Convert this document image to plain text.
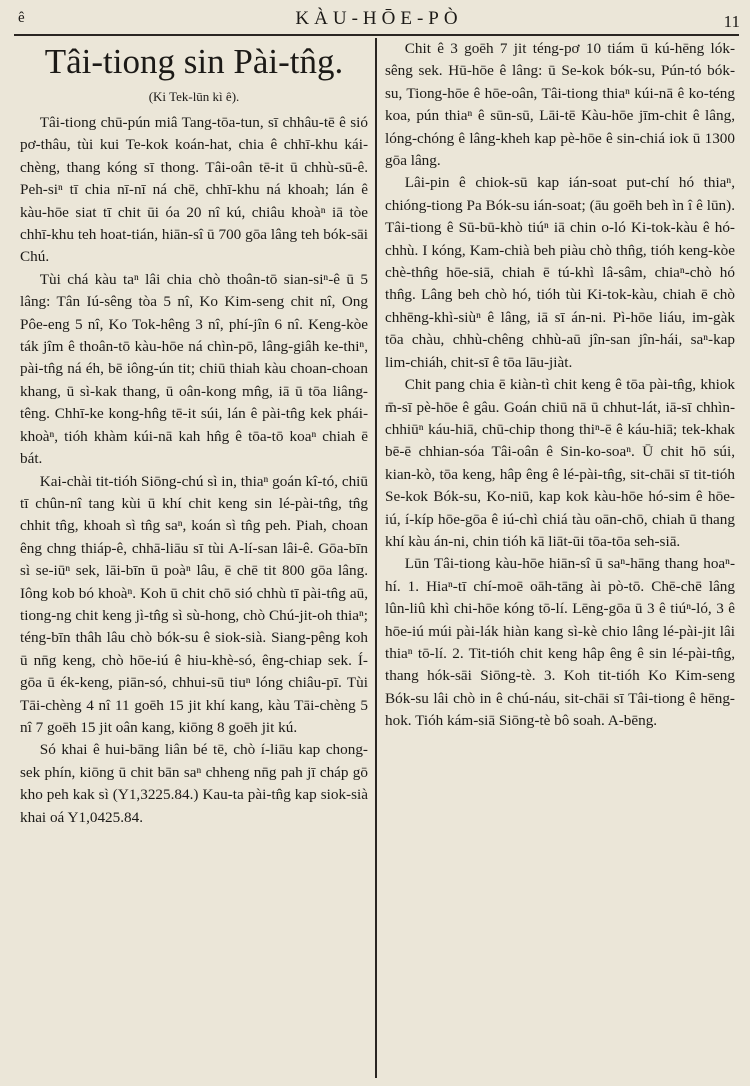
ê	KÀU-HŌE-PÒ	11
Tâi-tiong sin Pài-tn̂g.
(Ki Tek-lūn kì ê).

Tâi-tiong chū-pún miâ Tang-tōa-tun, sī chhâu-tē ê sió pơ-thâu, tùi kui Te-kok koán-hat, chia ê chhī-khu kái-chèng, thang kóng sī thong. Tâi-oân tē-it ū chhù-sū-ê. Peh-siⁿ tī chia nī-nī ná chē, chhī-khu ná khoah; lán ê kàu-hōe siat tī chit ūi óa 20 nî kú, chiâu khoàⁿ iā tòe chhī-khu teh hoat-tián, hiān-sî ū 700 gōa lâng teh bók-sāi Chú.

Tùi chá kàu taⁿ lâi chia chò thoân-tō sian-siⁿ-ê ū 5 lâng: Tân Iú-sêng tòa 5 nî, Ko Kim-seng chit nî, Ong Pôe-eng 5 nî, Ko Tok-hêng 3 nî, phí-jîn 6 nî. Keng-kòe ták jîm ê thoân-tō kàu-hōe ná chìn-pō, lâng-giâh ke-thiⁿ, pài-tn̂g ná éh, bē iông-ún tit; chiū thiah kàu choan-choan khang, ū sì-kak thang, ū oân-kong mn̂g, iā ū tōa liâng-têng. Chhī-ke kong-hn̂g tē-it súi, lán ê pài-tn̂g kek phái-khoàⁿ, tióh khàm kúi-nā kah hn̂g ê tōa-tō koaⁿ chiah ē bát.

Kai-chài tit-tióh Siōng-chú sì in, thiaⁿ goán kî-tó, chiū tī chûn-nî tang kùi ū khí chit keng sin lé-pài-tn̂g, tn̂g chhit tn̂g, khoah sì tn̂g saⁿ, koán sì tn̂g peh. Piah, choan êng chng thiáp-ê, chhā-liāu sī tùi A-lí-san lâi-ê. Gōa-bīn sì se-iūⁿ sek, lāi-bīn ū poàⁿ lâu, ē chē tit 800 gōa lâng. Iông kob bó khoàⁿ. Koh ū chit chō sió chhù tī pài-tn̂g aū, tiong-ng chit keng jì-tn̂g sì sù-hong, chò Chú-jit-oh thiaⁿ; téng-bīn thâh lâu chò bók-su ê siok-sià. Siang-pêng koh ū nn̄g keng, chò hōe-iú ê hiu-khè-só, êng-chiap sek. Í-gōa ū ék-keng, piān-só, chhui-sū tiuⁿ lóng chiâu-pī. Tùi Tāi-chèng 4 nî 11 goēh 15 jit khí kang, kàu Tāi-chèng 5 nî 7 goēh 15 jit oân kang, kiōng 8 goēh jit kú.

Só khai ê hui-bāng liân bé tē, chò í-liāu kap chong-sek phín, kiōng ū chit bān saⁿ chheng nn̄g pah jī cháp gō kho peh kak sì (Y1,3225.84.) Kau-ta pài-tn̂g kap siok-sià khai oá Y1,0425.84.

Chit ê 3 goēh 7 jit téng-pơ 10 tiám ū kú-hēng lók-sêng sek. Hū-hōe ê lâng: ū Se-kok bók-su, Pún-tó bók-su, Tiong-hōe ê hōe-oân, Tâi-tiong thiaⁿ kúi-nā ê ko-téng koa, pún thiaⁿ ê sūn-sū, Lāi-tē Kàu-hōe jīm-chit ê lâng, lóng-chóng ê lâng-kheh kap pè-hōe ê sin-chiá iok ū 1300 gōa lâng.

Lâi-pin ê chiok-sū kap ián-soat put-chí hó thiaⁿ, chióng-tiong Pa Bók-su ián-soat; (āu goēh beh ìn î ê lūn). Tâi-tiong ê Sū-bū-khò tiúⁿ iā chin o-ló Ki-tok-kàu ê hó-chhù. I kóng, Kam-chià beh piàu chò thn̂g, tióh keng-kòe chè-thn̂g hōe-siā, chiah ē tú-khì lâ-sâm, chiaⁿ-chò hó thn̂g. Lâng beh chò hó, tióh tùi Ki-tok-kàu, chiah ē chò chhēng-khì-siùⁿ ê lâng, iā sī án-ni. Pì-hōe liáu, im-gàk tōa chàu, chhù-chêng chhù-aū jîn-san jîn-hái, saⁿ-kap lim-chiáh, chit-sī ê tōa lāu-jiàt.

Chit pang chia ē kiàn-tì chit keng ê tōa pài-tn̂g, khiok m̄-sī pè-hōe ê gâu. Goán chiū nā ū chhut-lát, iā-sī chhìn-chhiūⁿ káu-hiā, chū-chip thong thiⁿ-ē ê káu-hiā; tek-khak bē-ē chhian-sóa Tâi-oân ê Sin-ko-soaⁿ. Ū chit hō súi, kian-kò, tōa keng, hâp êng ê lé-pài-tn̂g, sit-chāi sī tit-tióh Se-kok Bók-su, Ko-niū, kap kok kàu-hōe hó-sim ê hōe-iú, í-kíp hōe-gōa ê iú-chì chiá tàu oān-chō, chiah ū thang khí kàu án-ni, chin tióh kā liāt-ūi tōa-tōa seh-siā.

Lūn Tâi-tiong kàu-hōe hiān-sî ū saⁿ-hāng thang hoaⁿ-hí. 1. Hiaⁿ-tī chí-moē oāh-tāng ài pò-tō. Chē-chē lâng lûn-liû khì chi-hōe kóng tō-lí. Lēng-gōa ū 3 ê tiúⁿ-ló, 3 ê hōe-iú múi pài-lák hiàn kang sì-kè chio lâng lé-pài-jit lâi thiaⁿ tō-lí. 2. Tit-tióh chit keng hâp êng ê sin lé-pài-tn̂g, thang hók-sāi Siōng-tè. 3. Koh tit-tióh Ko Kim-seng Bók-su lâi chò in ê chú-náu, sit-chāi sī Tâi-tiong ê hēng-hok. Tióh kám-siā Siōng-tè bô soah. A-bēng.
